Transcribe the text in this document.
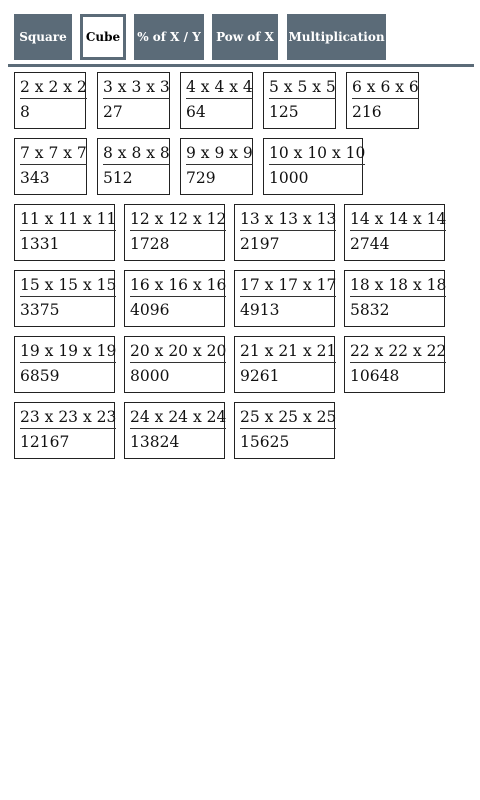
Square	Cube	% of X / Y	Pow of X	Multiplication
2 x 2 x 2
8
3 x 3 x 3
27
4 x 4 x 4
64
5 x 5 x 5
125
6 x 6 x 6
216
7 x 7 x 7
343
8 x 8 x 8
512
9 x 9 x 9
729
10 x 10 x 10
1000
11 x 11 x 11
1331
12 x 12 x 12
1728
13 x 13 x 13
2197
14 x 14 x 14
2744
15 x 15 x 15
3375
16 x 16 x 16
4096
17 x 17 x 17
4913
18 x 18 x 18
5832
19 x 19 x 19
6859
20 x 20 x 20
8000
21 x 21 x 21
9261
22 x 22 x 22
10648
23 x 23 x 23
12167
24 x 24 x 24
13824
25 x 25 x 25
15625
